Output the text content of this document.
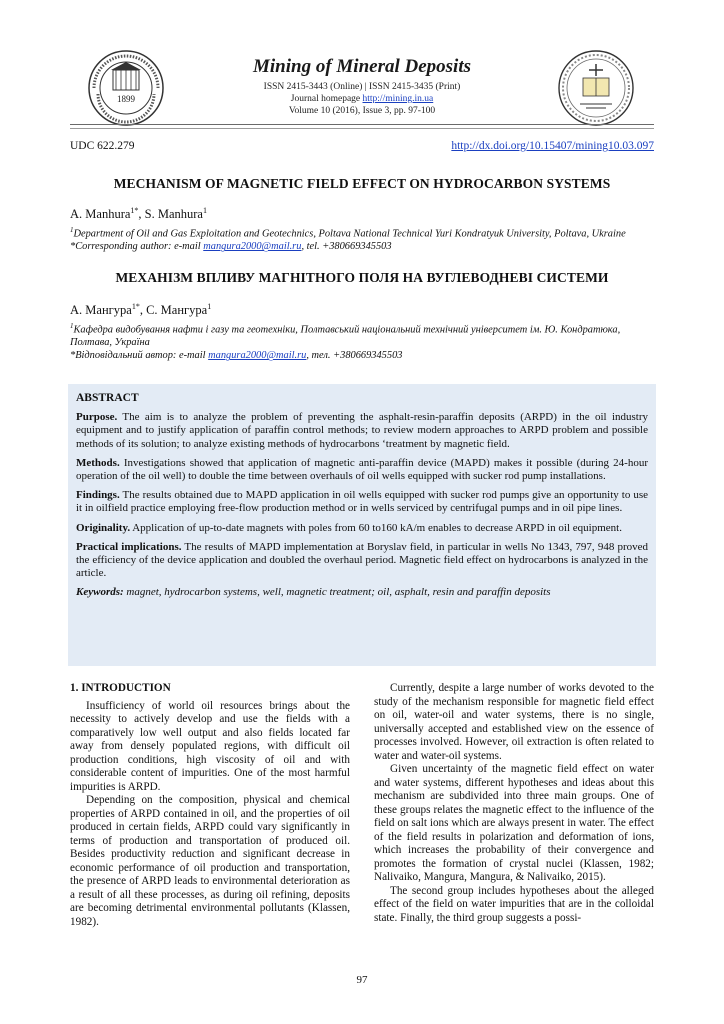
1899
Mining of Mineral Deposits
ISSN 2415-3443 (Online) | ISSN 2415-3435 (Print)
Journal homepage http://mining.in.ua
Volume 10 (2016), Issue 3, pp. 97-100
UDC 622.279	http://dx.doi.org/10.15407/mining10.03.097
MECHANISM OF MAGNETIC FIELD EFFECT ON HYDROCARBON SYSTEMS
A. Manhura$^{1*}$, S. Manhura$^1$
$^1$Department of Oil and Gas Exploitation and Geotechnics, Poltava National Technical Yuri Kondratyuk University, Poltava, Ukraine
*Corresponding author: e-mail mangura2000@mail.ru, tel. +380669345503
МЕХАНІЗМ ВПЛИВУ МАГНІТНОГО ПОЛЯ НА ВУГЛЕВОДНЕВІ СИСТЕМИ
А. Мангура$^{1*}$, С. Мангура$^1$
$^1$Кафедра видобування нафти і газу та геотехніки, Полтавський національний технічний університет ім. Ю. Кондратюка, Полтава, Україна
*Відповідальний автор: e-mail mangura2000@mail.ru, тел. +380669345503
ABSTRACT

Purpose. The aim is to analyze the problem of preventing the asphalt-resin-paraffin deposits (ARPD) in the oil industry equipment and to justify application of paraffin control methods; to review modern approaches to ARPD problem and possible methods of its solution; to analyze existing methods of hydrocarbons ‘treatment by magnetic field.

Methods. Investigations showed that application of magnetic anti-paraffin device (MAPD) makes it possible (during 24-hour operation of the oil well) to double the time between overhauls of oil wells equipped with sucker rod pump installations.

Findings. The results obtained due to MAPD application in oil wells equipped with sucker rod pumps give an opportunity to use it in oilfield practice employing free-flow production method or in wells serviced by centrifugal pumps and in oil pipe lines.

Originality. Application of up-to-date magnets with poles from 60 to160 kA/m enables to decrease ARPD in oil equipment.

Practical implications. The results of MAPD implementation at Boryslav field, in particular in wells No 1343, 797, 948 proved the efficiency of the device application and doubled the overhaul period. Magnetic field effect on hydrocarbons is analyzed in the article.

Keywords: magnet, hydrocarbon systems, well, magnetic treatment; oil, asphalt, resin and paraffin deposits

1. INTRODUCTION

Insufficiency of world oil resources brings about the necessity to actively develop and use the fields with a comparatively low well output and also fields located far away from densely populated regions, with difficult oil production conditions, high viscosity of oil and with considerable content of impurities. One of the most harmful impurities is ARPD.

Depending on the composition, physical and chemical properties of ARPD contained in oil, and the properties of oil produced in certain fields, ARPD could vary significantly in terms of production and transportation of produced oil. Besides productivity reduction and significant decrease in economic performance of oil production and transportation, the presence of ARPD leads to environmental deterioration as a result of all these processes, as during oil refining, deposits are becoming detrimental environmental pollutants (Klassen, 1982).

Currently, despite a large number of works devoted to the study of the mechanism responsible for magnetic field effect on oil, water-oil and water systems, there is no single, universally accepted and established view on the essence of processes involved. However, oil extraction is often related to water and water-oil systems.

Given uncertainty of the magnetic field effect on water and water systems, different hypotheses and ideas about this mechanism are subdivided into three main groups. One of these groups relates the magnetic effect to the influence of the field on salt ions which are always present in water. The effect of the field results in polarization and deformation of ions, which increases the probability of their convergence and promotes the formation of crystal nuclei (Klassen, 1982; Nalivaiko, Mangura, Mangura, & Nalivaiko, 2015).

The second group includes hypotheses about the alleged effect of the field on water impurities that are in the colloidal state. Finally, the third group suggests a possi-

97
